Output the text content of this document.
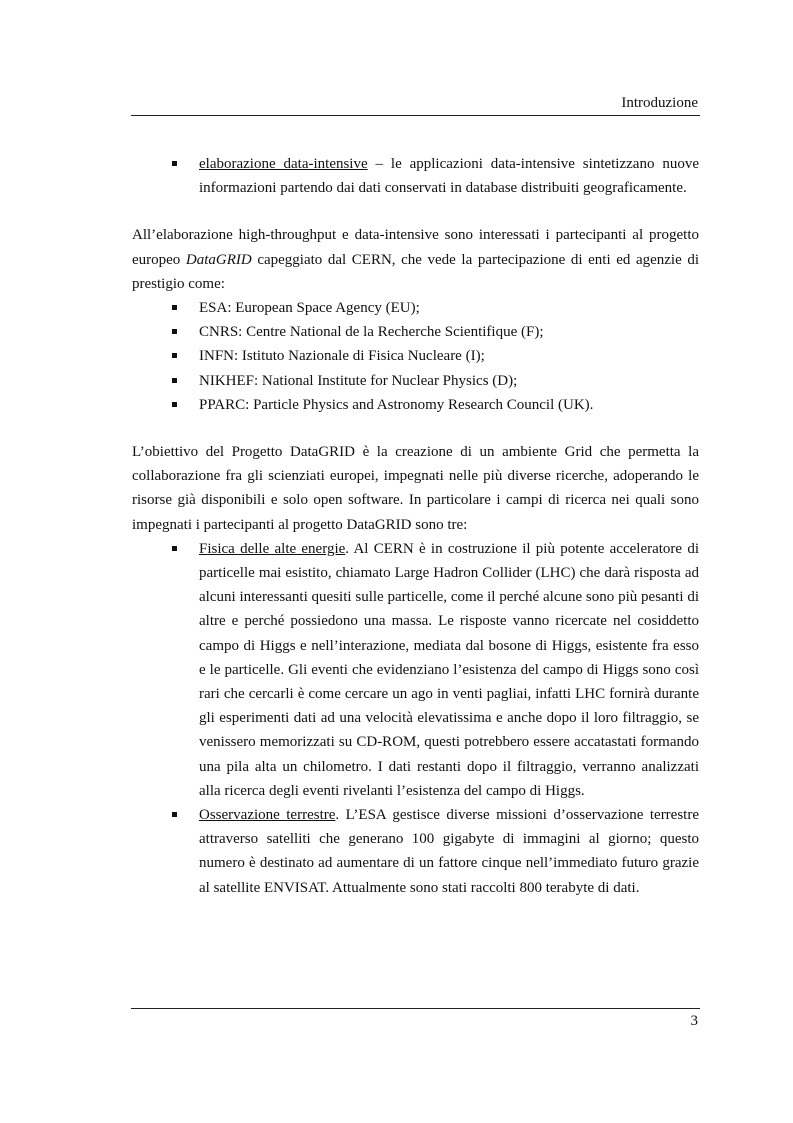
Introduzione
elaborazione data-intensive – le applicazioni data-intensive sintetizzano nuove informazioni partendo dai dati conservati in database distribuiti geograficamente.

All’elaborazione high-throughput e data-intensive sono interessati i partecipanti al progetto europeo DataGRID capeggiato dal CERN, che vede la partecipazione di enti ed agenzie di prestigio come:

ESA: European Space Agency (EU);
CNRS: Centre National de la Recherche Scientifique (F);
INFN: Istituto Nazionale di Fisica Nucleare (I);
NIKHEF: National Institute for Nuclear Physics (D);
PPARC: Particle Physics and Astronomy Research Council (UK).

L’obiettivo del Progetto DataGRID è la creazione di un ambiente Grid che permetta la collaborazione fra gli scienziati europei, impegnati nelle più diverse ricerche, adoperando le risorse già disponibili e solo open software. In particolare i campi di ricerca nei quali sono impegnati i partecipanti al progetto DataGRID sono tre:

Fisica delle alte energie. Al CERN è in costruzione il più potente acceleratore di particelle mai esistito, chiamato Large Hadron Collider (LHC) che darà risposta ad alcuni interessanti quesiti sulle particelle, come il perché alcune sono più pesanti di altre e perché possiedono una massa. Le risposte vanno ricercate nel cosiddetto campo di Higgs e nell’interazione, mediata dal bosone di Higgs, esistente fra esso e le particelle. Gli eventi che evidenziano l’esistenza del campo di Higgs sono così rari che cercarli è come cercare un ago in venti pagliai, infatti LHC fornirà durante gli esperimenti dati ad una velocità elevatissima e anche dopo il loro filtraggio, se venissero memorizzati su CD-ROM, questi potrebbero essere accatastati formando una pila alta un chilometro. I dati restanti dopo il filtraggio, verranno analizzati alla ricerca degli eventi rivelanti l’esistenza del campo di Higgs.
Osservazione terrestre. L’ESA gestisce diverse missioni d’osservazione terrestre attraverso satelliti che generano 100 gigabyte di immagini al giorno; questo numero è destinato ad aumentare di un fattore cinque nell’immediato futuro grazie al satellite ENVISAT. Attualmente sono stati raccolti 800 terabyte di dati.
3
